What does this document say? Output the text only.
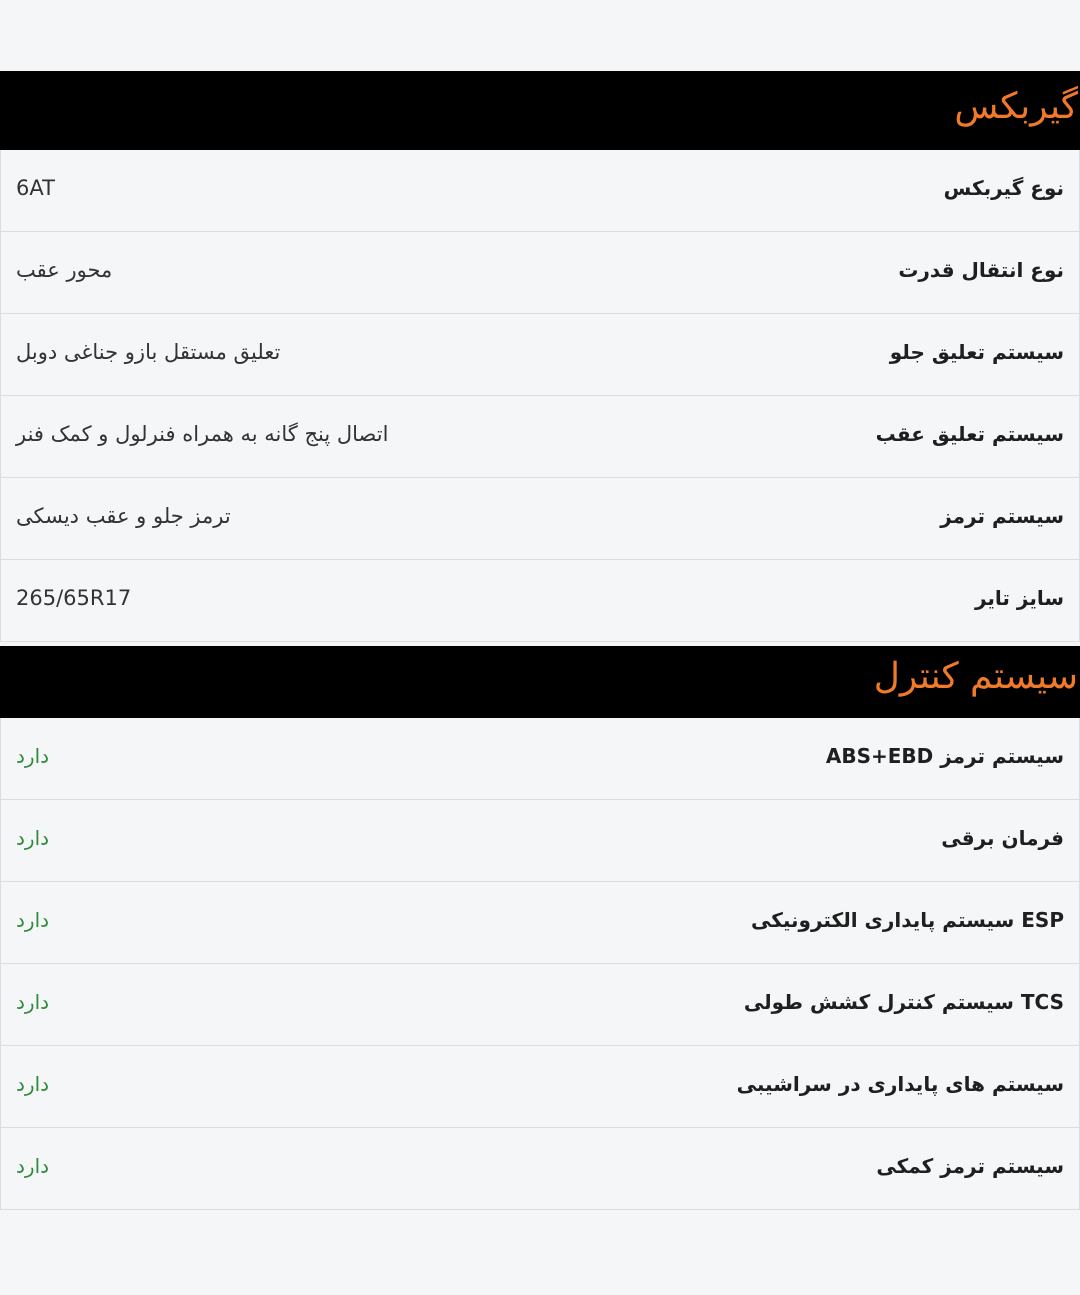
گیربکس
نوع گیربکس
6AT
نوع انتقال قدرت
محور عقب
سیستم تعلیق جلو
تعلیق مستقل بازو جناغی دوبل
سیستم تعلیق عقب
اتصال پنج گانه به همراه فنرلول و کمک فنر
سیستم ترمز
ترمز جلو و عقب دیسکی
سایز تایر
265/65R17
سیستم کنترل
سیستم ترمز ABS+EBD
دارد
فرمان برقی
دارد
ESP سیستم پایداری الکترونیکی
دارد
TCS سیستم کنترل کشش طولی
دارد
سیستم های پایداری در سراشیبی
دارد
سیستم ترمز کمکی
دارد
